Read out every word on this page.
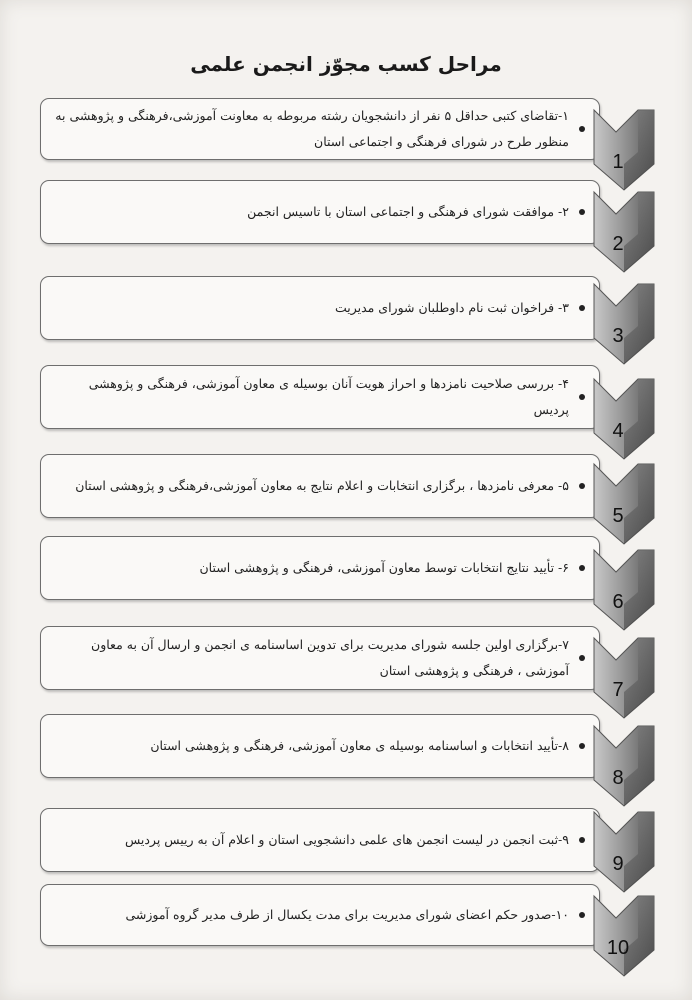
مراحل کسب مجوّز انجمن علمی
۱-تقاضای کتبی حداقل ۵ نفر از دانشجویان رشته مربوطه به معاونت آموزشی،فرهنگی و پژوهشی به منظور طرح در شورای فرهنگی و اجتماعی استان
1
۲- موافقت شورای فرهنگی و اجتماعی استان با تاسیس انجمن
2
۳- فراخوان ثبت نام داوطلبان شورای مدیریت
3
۴- بررسی صلاحیت نامزدها و احراز هویت آنان بوسیله ی معاون آموزشی، فرهنگی و پژوهشی پردیس
4
۵- معرفی نامزدها ، برگزاری انتخابات و اعلام نتایج به معاون آموزشی،فرهنگی و پژوهشی استان
5
۶- تأیید نتایج انتخابات توسط معاون آموزشی، فرهنگی و پژوهشی استان
6
۷-برگزاری اولین جلسه شورای مدیریت برای تدوین اساسنامه ی انجمن و ارسال آن به معاون آموزشی ، فرهنگی و پژوهشی استان
7
۸-تأیید انتخابات و اساسنامه بوسیله ی معاون آموزشی، فرهنگی و پژوهشی استان
8
۹-ثبت انجمن در لیست انجمن های علمی دانشجویی استان و اعلام آن به رییس پردیس
9
۱۰-صدور حکم اعضای شورای مدیریت برای مدت یکسال از طرف مدیر گروه آموزشی
10
